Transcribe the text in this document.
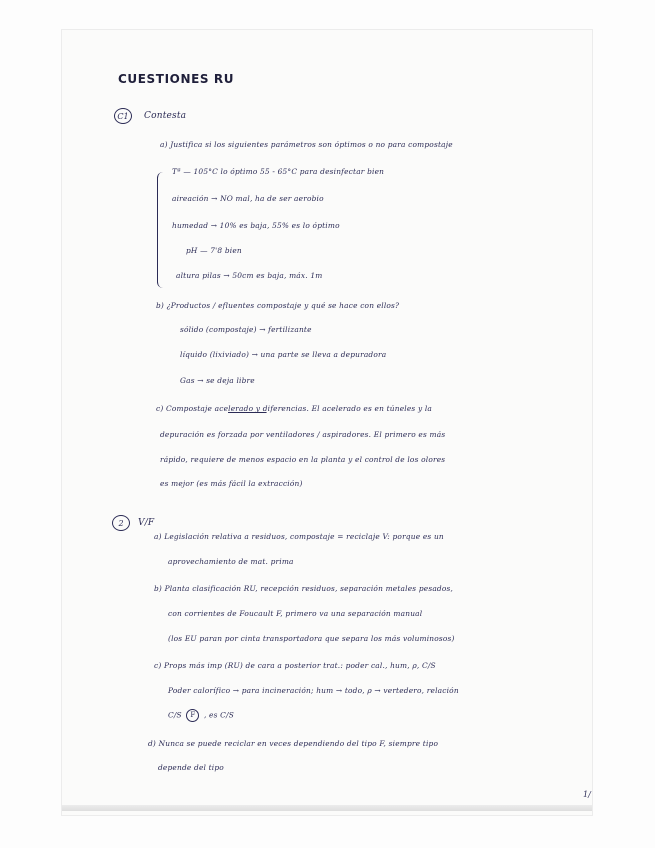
CUESTIONES RU
C1	Contesta
a) Justifica si los siguientes parámetros son óptimos o no para compostaje
Tª — 105°C lo óptimo 55 - 65°C para desinfectar bien
aireación → NO mal, ha de ser aerobio
humedad → 10% es baja, 55% es lo óptimo
pH — 7'8 bien
altura pilas → 50cm es baja, máx. 1m
b) ¿Productos / efluentes compostaje y qué se hace con ellos?
sólido (compostaje) → fertilizante
líquido (lixiviado) → una parte se lleva a depuradora
Gas → se deja libre
c) Compostaje acelerado y diferencias. El acelerado es en túneles y la
depuración es forzada por ventiladores / aspiradores. El primero es más
rápido, requiere de menos espacio en la planta y el control de los olores
es mejor (es más fácil la extracción)
2	V/F
a) Legislación relativa a residuos, compostaje = reciclaje V: porque es un
aprovechamiento de mat. prima
b) Planta clasificación RU, recepción residuos, separación metales pesados,
con corrientes de Foucault F, primero va una separación manual
(los EU paran por cinta transportadora que separa los más voluminosos)
c) Props más imp (RU) de cara a posterior trat.: poder cal., hum, ρ, C/S
Poder calorífico → para incineración; hum → todo, ρ → vertedero, relación
C/S F , es C/S
d) Nunca se puede reciclar en veces dependiendo del tipo F, siempre tipo
depende del tipo
1/
